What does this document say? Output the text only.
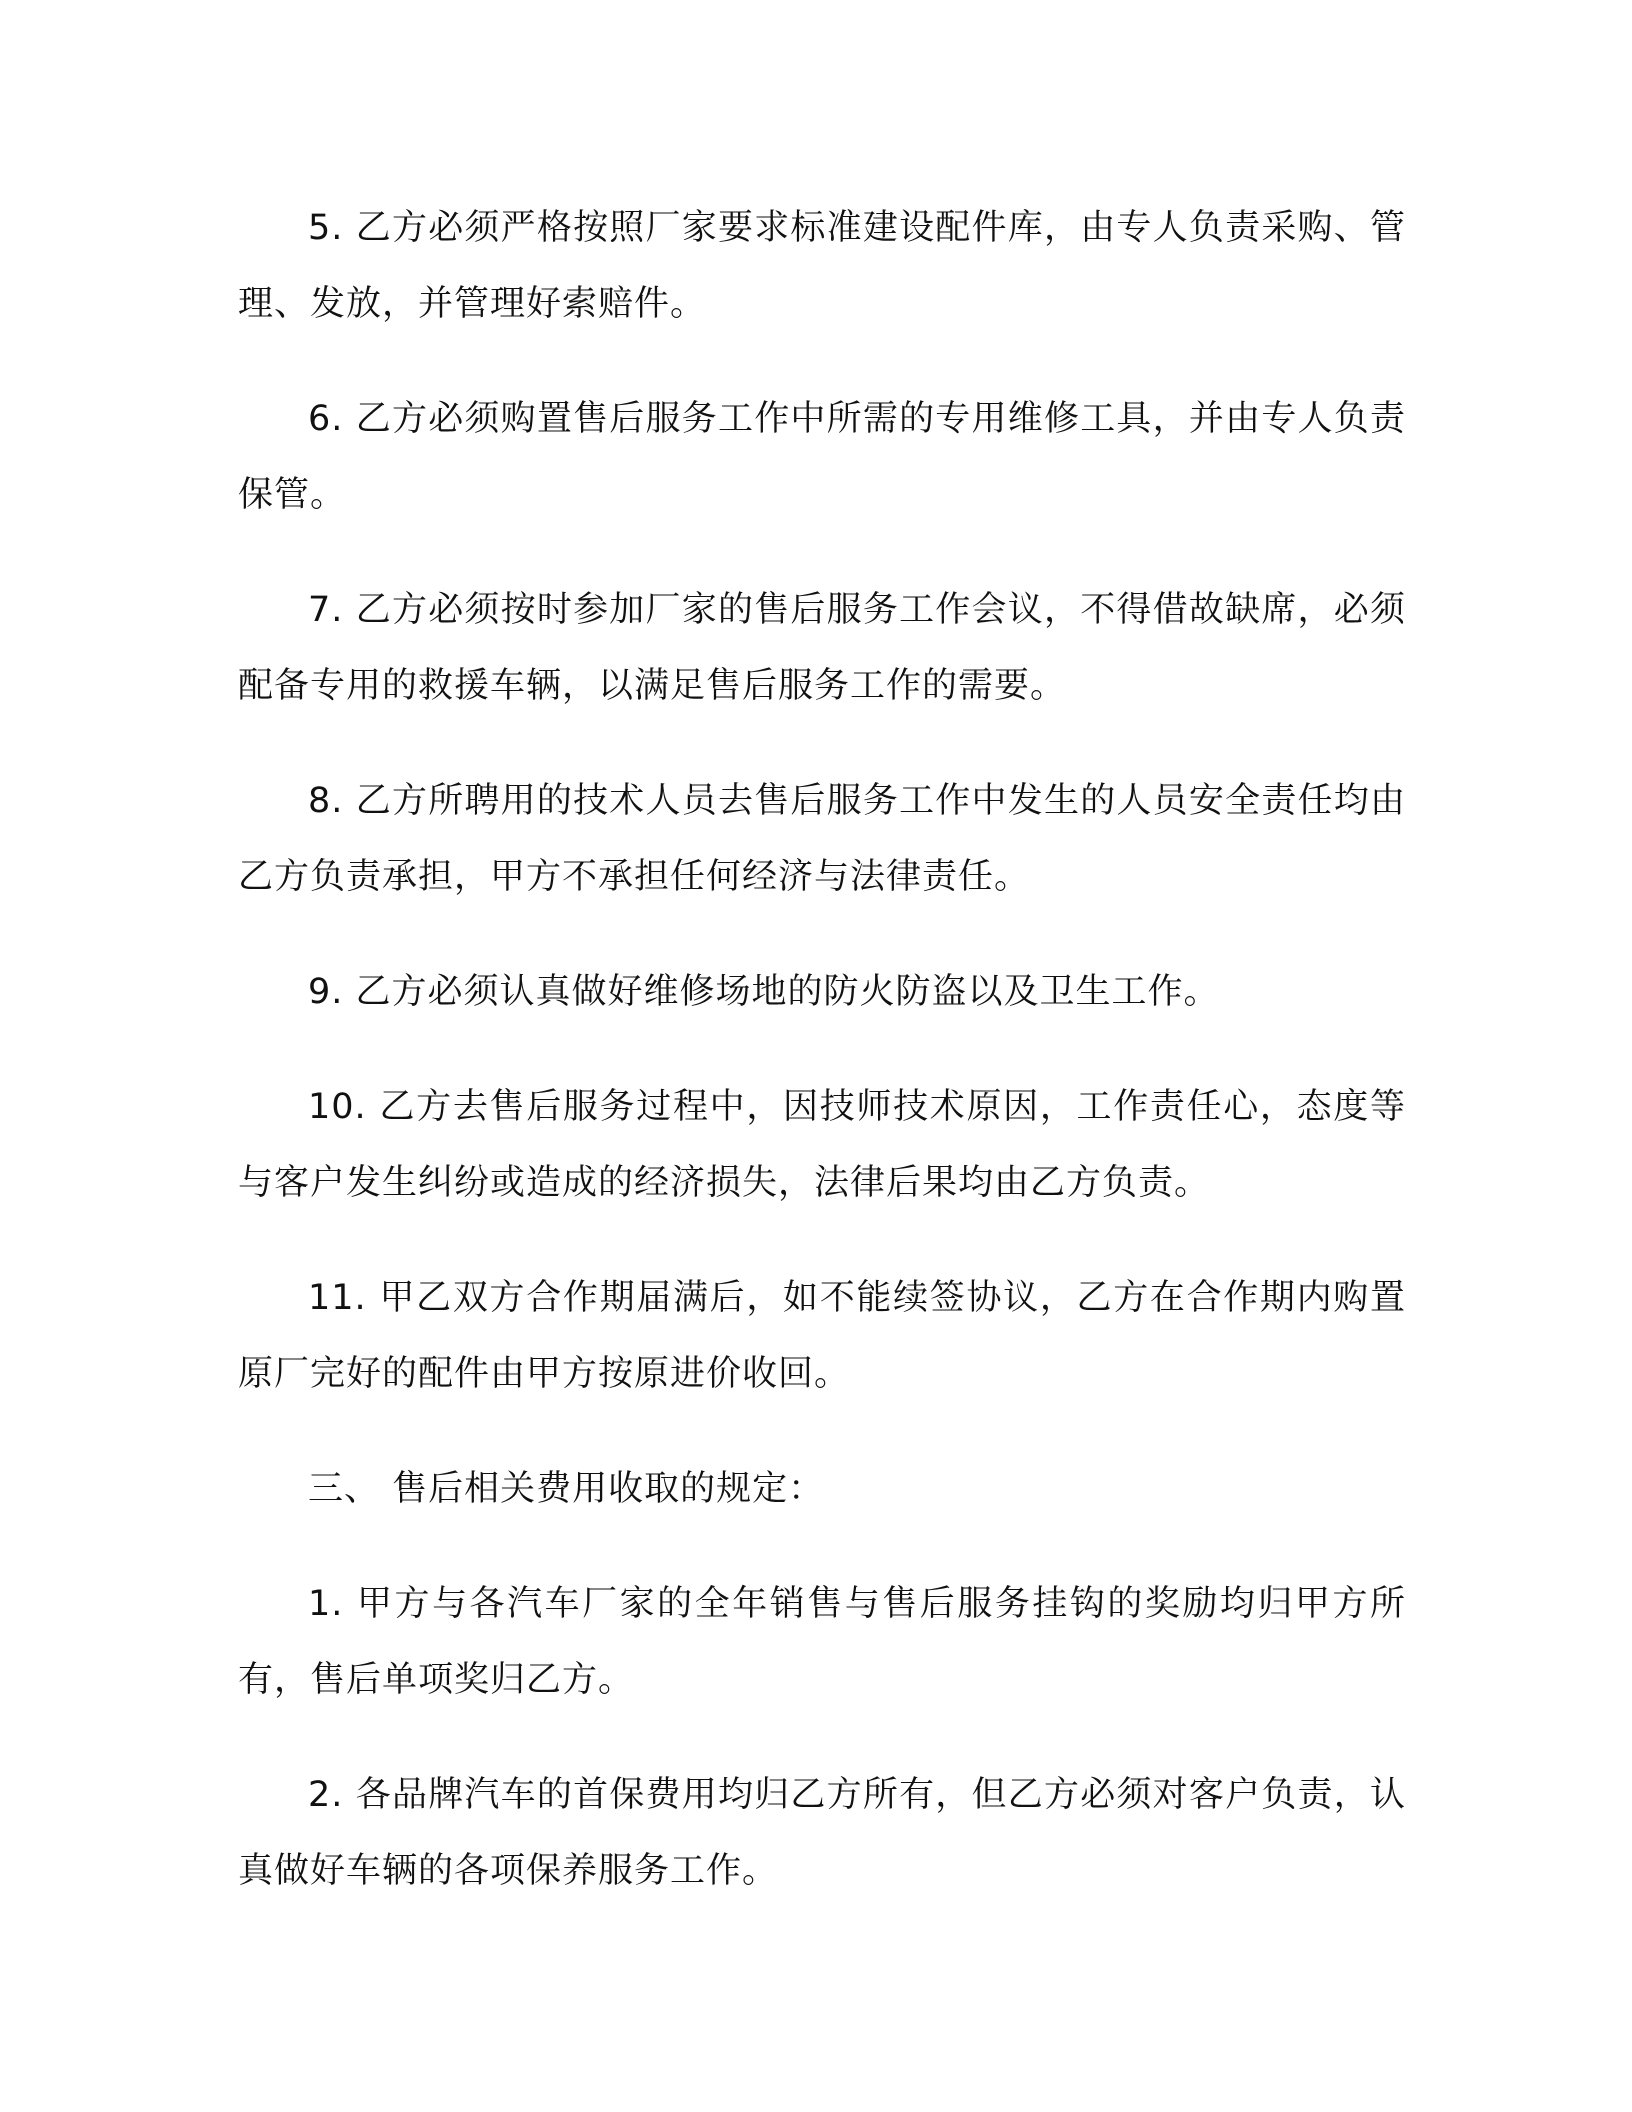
5. 乙方必须严格按照厂家要求标准建设配件库，由专人负责采购、管理、发放，并管理好索赔件。

6. 乙方必须购置售后服务工作中所需的专用维修工具，并由专人负责保管。

7. 乙方必须按时参加厂家的售后服务工作会议，不得借故缺席，必须配备专用的救援车辆，以满足售后服务工作的需要。

8. 乙方所聘用的技术人员去售后服务工作中发生的人员安全责任均由乙方负责承担，甲方不承担任何经济与法律责任。

9. 乙方必须认真做好维修场地的防火防盗以及卫生工作。

10. 乙方去售后服务过程中，因技师技术原因，工作责任心，态度等与客户发生纠纷或造成的经济损失，法律后果均由乙方负责。

11. 甲乙双方合作期届满后，如不能续签协议，乙方在合作期内购置原厂完好的配件由甲方按原进价收回。

三、 售后相关费用收取的规定：

1. 甲方与各汽车厂家的全年销售与售后服务挂钩的奖励均归甲方所有，售后单项奖归乙方。

2. 各品牌汽车的首保费用均归乙方所有，但乙方必须对客户负责，认真做好车辆的各项保养服务工作。
